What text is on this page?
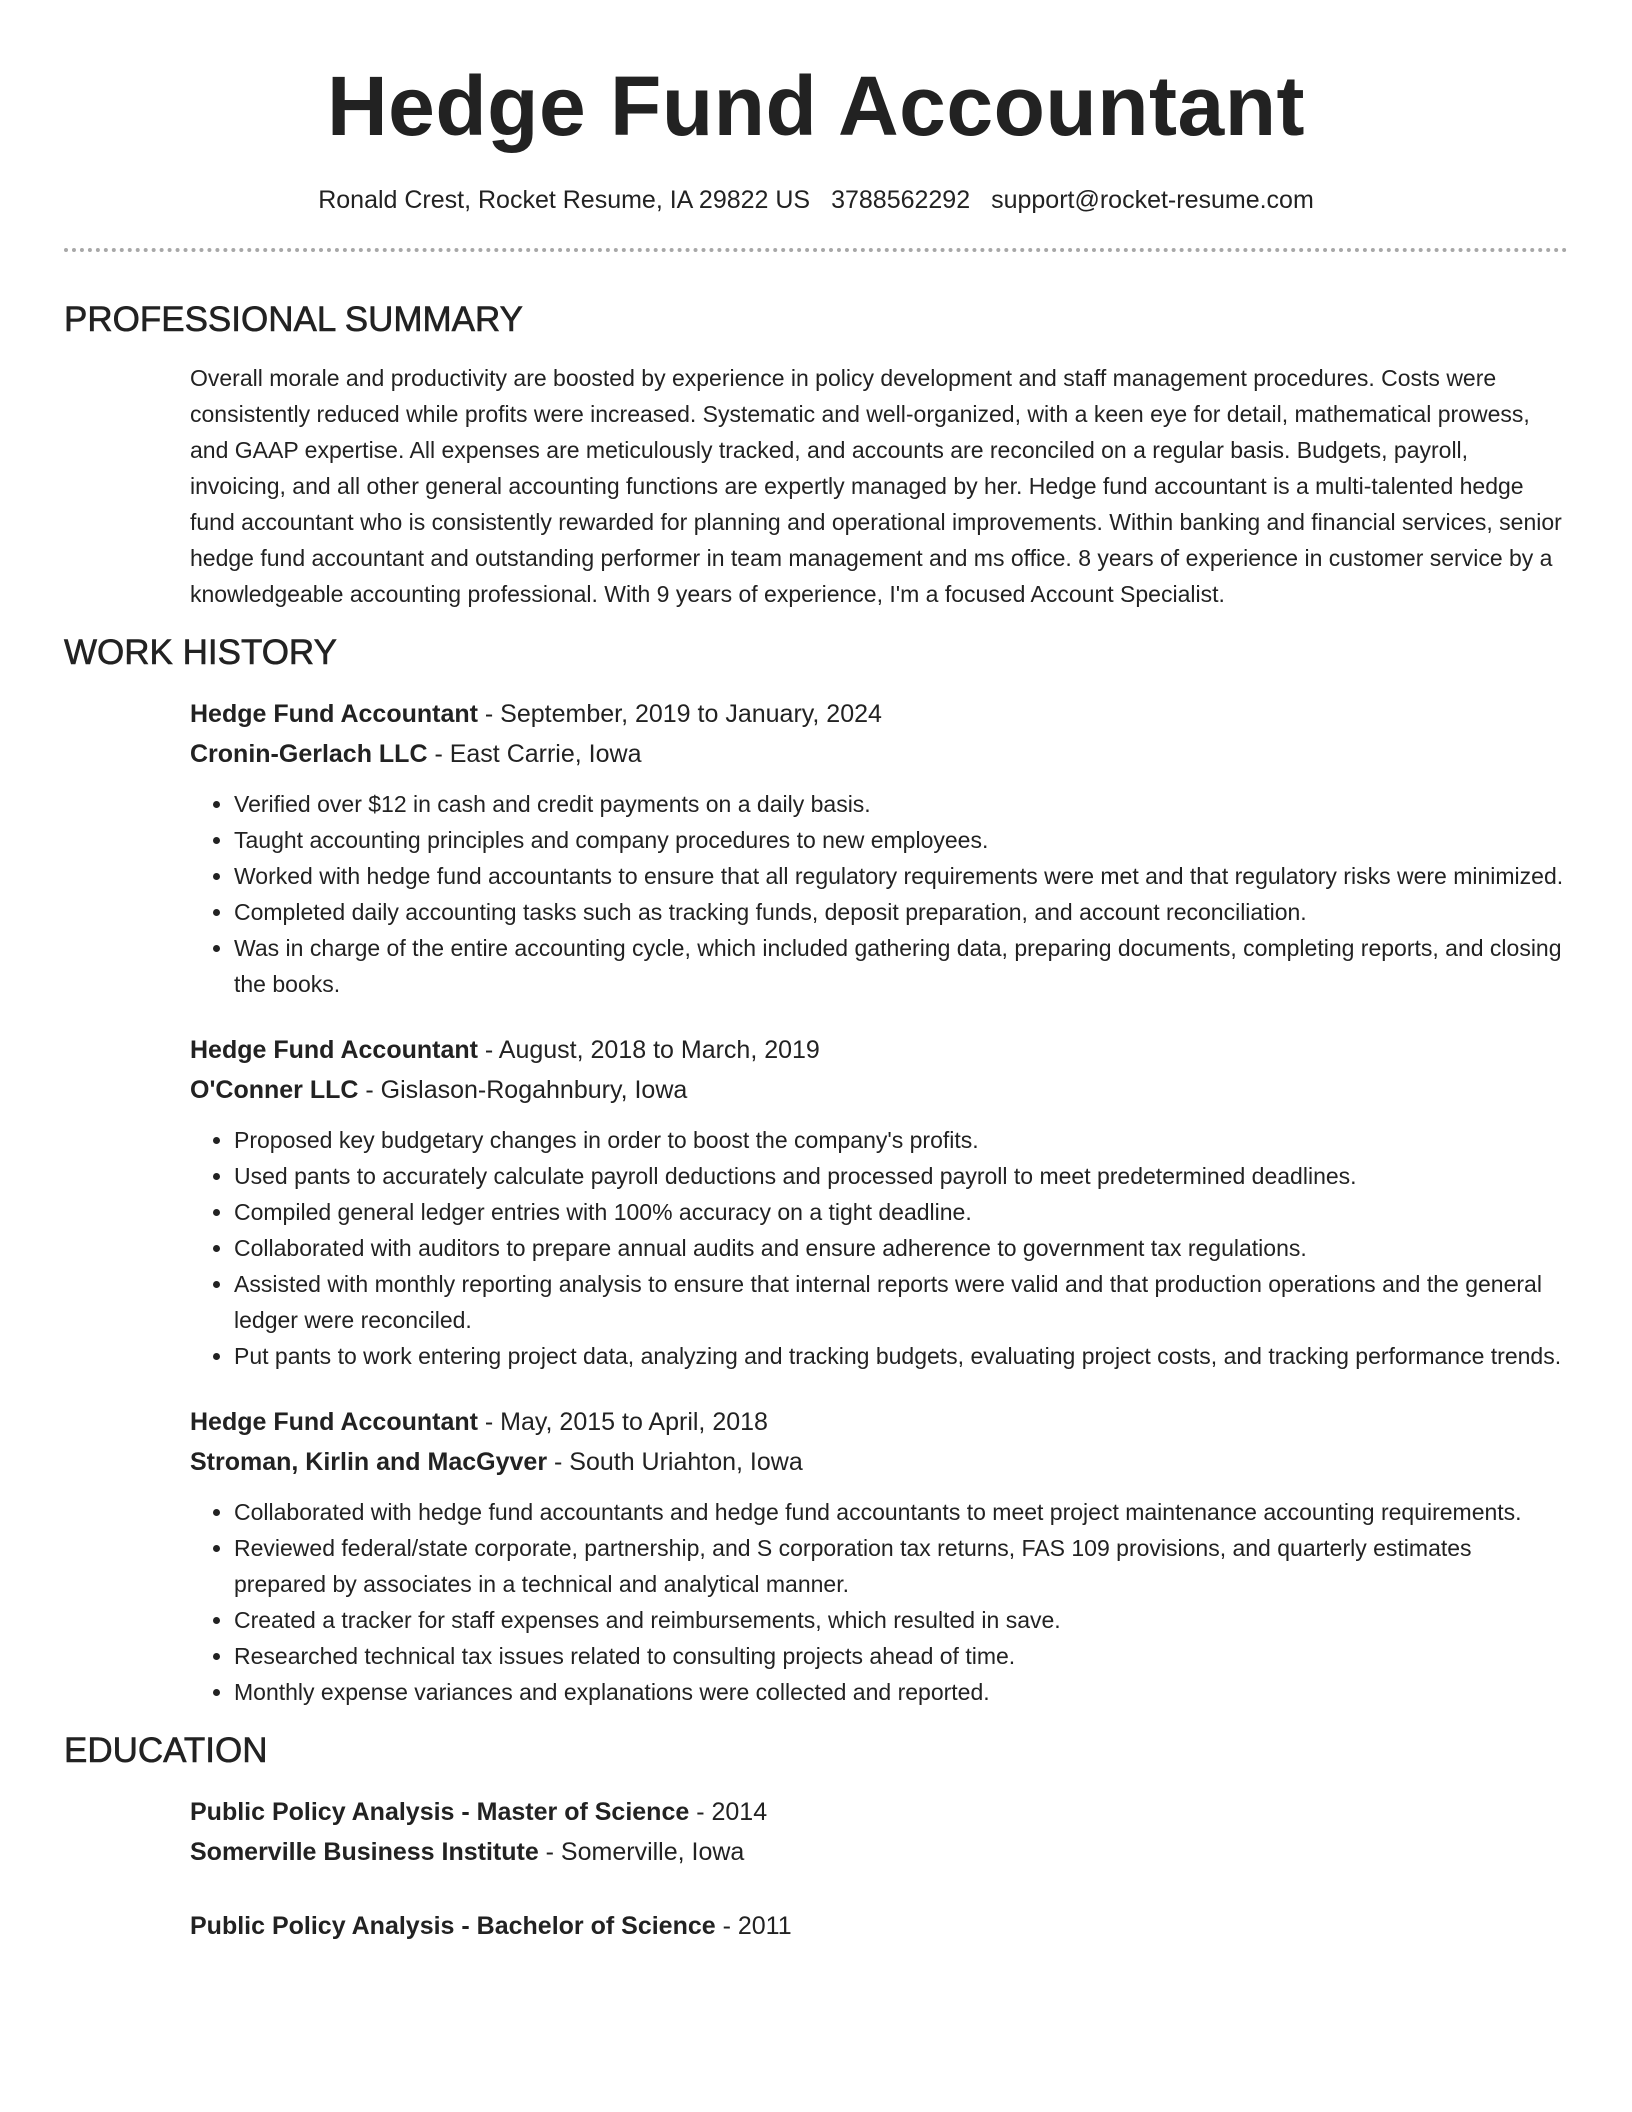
Hedge Fund Accountant
Ronald Crest, Rocket Resume, IA 29822 US 3788562292 support@rocket-resume.com
PROFESSIONAL SUMMARY

Overall morale and productivity are boosted by experience in policy development and staff management procedures. Costs were consistently reduced while profits were increased. Systematic and well-organized, with a keen eye for detail, mathematical prowess, and GAAP expertise. All expenses are meticulously tracked, and accounts are reconciled on a regular basis. Budgets, payroll, invoicing, and all other general accounting functions are expertly managed by her. Hedge fund accountant is a multi-talented hedge fund accountant who is consistently rewarded for planning and operational improvements. Within banking and financial services, senior hedge fund accountant and outstanding performer in team management and ms office. 8 years of experience in customer service by a knowledgeable accounting professional. With 9 years of experience, I'm a focused Account Specialist.

WORK HISTORY
Hedge Fund Accountant - September, 2019 to January, 2024
Cronin-Gerlach LLC - East Carrie, Iowa
• Verified over $12 in cash and credit payments on a daily basis.
• Taught accounting principles and company procedures to new employees.
• Worked with hedge fund accountants to ensure that all regulatory requirements were met and that regulatory risks were minimized.
• Completed daily accounting tasks such as tracking funds, deposit preparation, and account reconciliation.
• Was in charge of the entire accounting cycle, which included gathering data, preparing documents, completing reports, and closing the books.
Hedge Fund Accountant - August, 2018 to March, 2019
O'Conner LLC - Gislason-Rogahnbury, Iowa
• Proposed key budgetary changes in order to boost the company's profits.
• Used pants to accurately calculate payroll deductions and processed payroll to meet predetermined deadlines.
• Compiled general ledger entries with 100% accuracy on a tight deadline.
• Collaborated with auditors to prepare annual audits and ensure adherence to government tax regulations.
• Assisted with monthly reporting analysis to ensure that internal reports were valid and that production operations and the general ledger were reconciled.
• Put pants to work entering project data, analyzing and tracking budgets, evaluating project costs, and tracking performance trends.
Hedge Fund Accountant - May, 2015 to April, 2018
Stroman, Kirlin and MacGyver - South Uriahton, Iowa
• Collaborated with hedge fund accountants and hedge fund accountants to meet project maintenance accounting requirements.
• Reviewed federal/state corporate, partnership, and S corporation tax returns, FAS 109 provisions, and quarterly estimates prepared by associates in a technical and analytical manner.
• Created a tracker for staff expenses and reimbursements, which resulted in save.
• Researched technical tax issues related to consulting projects ahead of time.
• Monthly expense variances and explanations were collected and reported.
EDUCATION
Public Policy Analysis - Master of Science - 2014
Somerville Business Institute - Somerville, Iowa
Public Policy Analysis - Bachelor of Science - 2011
